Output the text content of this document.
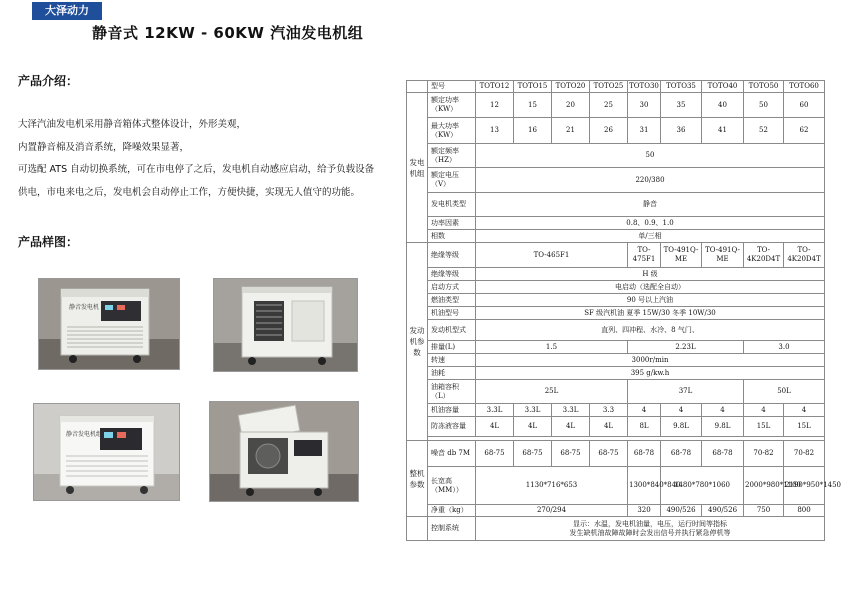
大泽动力
静音式 12KW - 60KW 汽油发电机组
产品介绍：

大泽汽油发电机采用静音箱体式整体设计，外形美观，

内置静音棉及消音系统，降噪效果显著，

可选配 ATS 自动切换系统，可在市电停了之后，发电机自动感应启动，给予负载设备

供电，市电来电之后，发电机会自动停止工作，方便快捷，实现无人值守的功能。

产品样图：
静音发电机
静音发电机组
	型号	TOTO12	TOTO15	TOTO20	TOTO25	TOTO30	TOTO35	TOTO40	TOTO50	TOTO60
发电机组	额定功率（KW）	12	15	20	25	30	35	40	50	60
	最大功率（KW）	13	16	21	26	31	36	41	52	62
	额定频率（HZ）	50								
	额定电压（V）	220/380								
	发电机类型	静音								
	功率因素	0.8、0.9、1.0								
	相数	单/三相								
发动机参数	绝缘等级	TO-465F1				TO-475F1	TO-491Q-ME	TO-491Q-ME	TO-4K20D4T	TO-4K20D4T
	绝缘等级	H 级								
	启动方式	电启动（选配全自动）								
	燃油类型	90 号以上汽油								
	机油型号	SF 级汽机油 夏季 15W/30 冬季 10W/30								
	发动机型式	直列、四冲程、水冷、8 气门、								
	排量(L)	1.5				2.23L			3.0	
	转速	3000r/min								
	油耗	395 g/kw.h								
	油箱容积（L）	25L				37L			50L	
	机油容量	3.3L	3.3L	3.3L	3.3	4	4	4	4	4
	防冻液容量	4L	4L	4L	4L	8L	9.8L	9.8L	15L	15L

整机参数	噪音 db 7M	68-75	68-75	68-75	68-75	68-78	68-78	68-78	70-82	70-82
	长宽高（MM））	1130*716*653				1300*840*840	1480*780*1060		2000*980*1100	2190*950*1450
	净重（kg）	270/294				320	490/526	490/526	750	800
	控制系统	显示：水温，发电机油量，电压，运行时间等指标
发生缺机油故障故障时会发出信号并执行紧急停机等								
